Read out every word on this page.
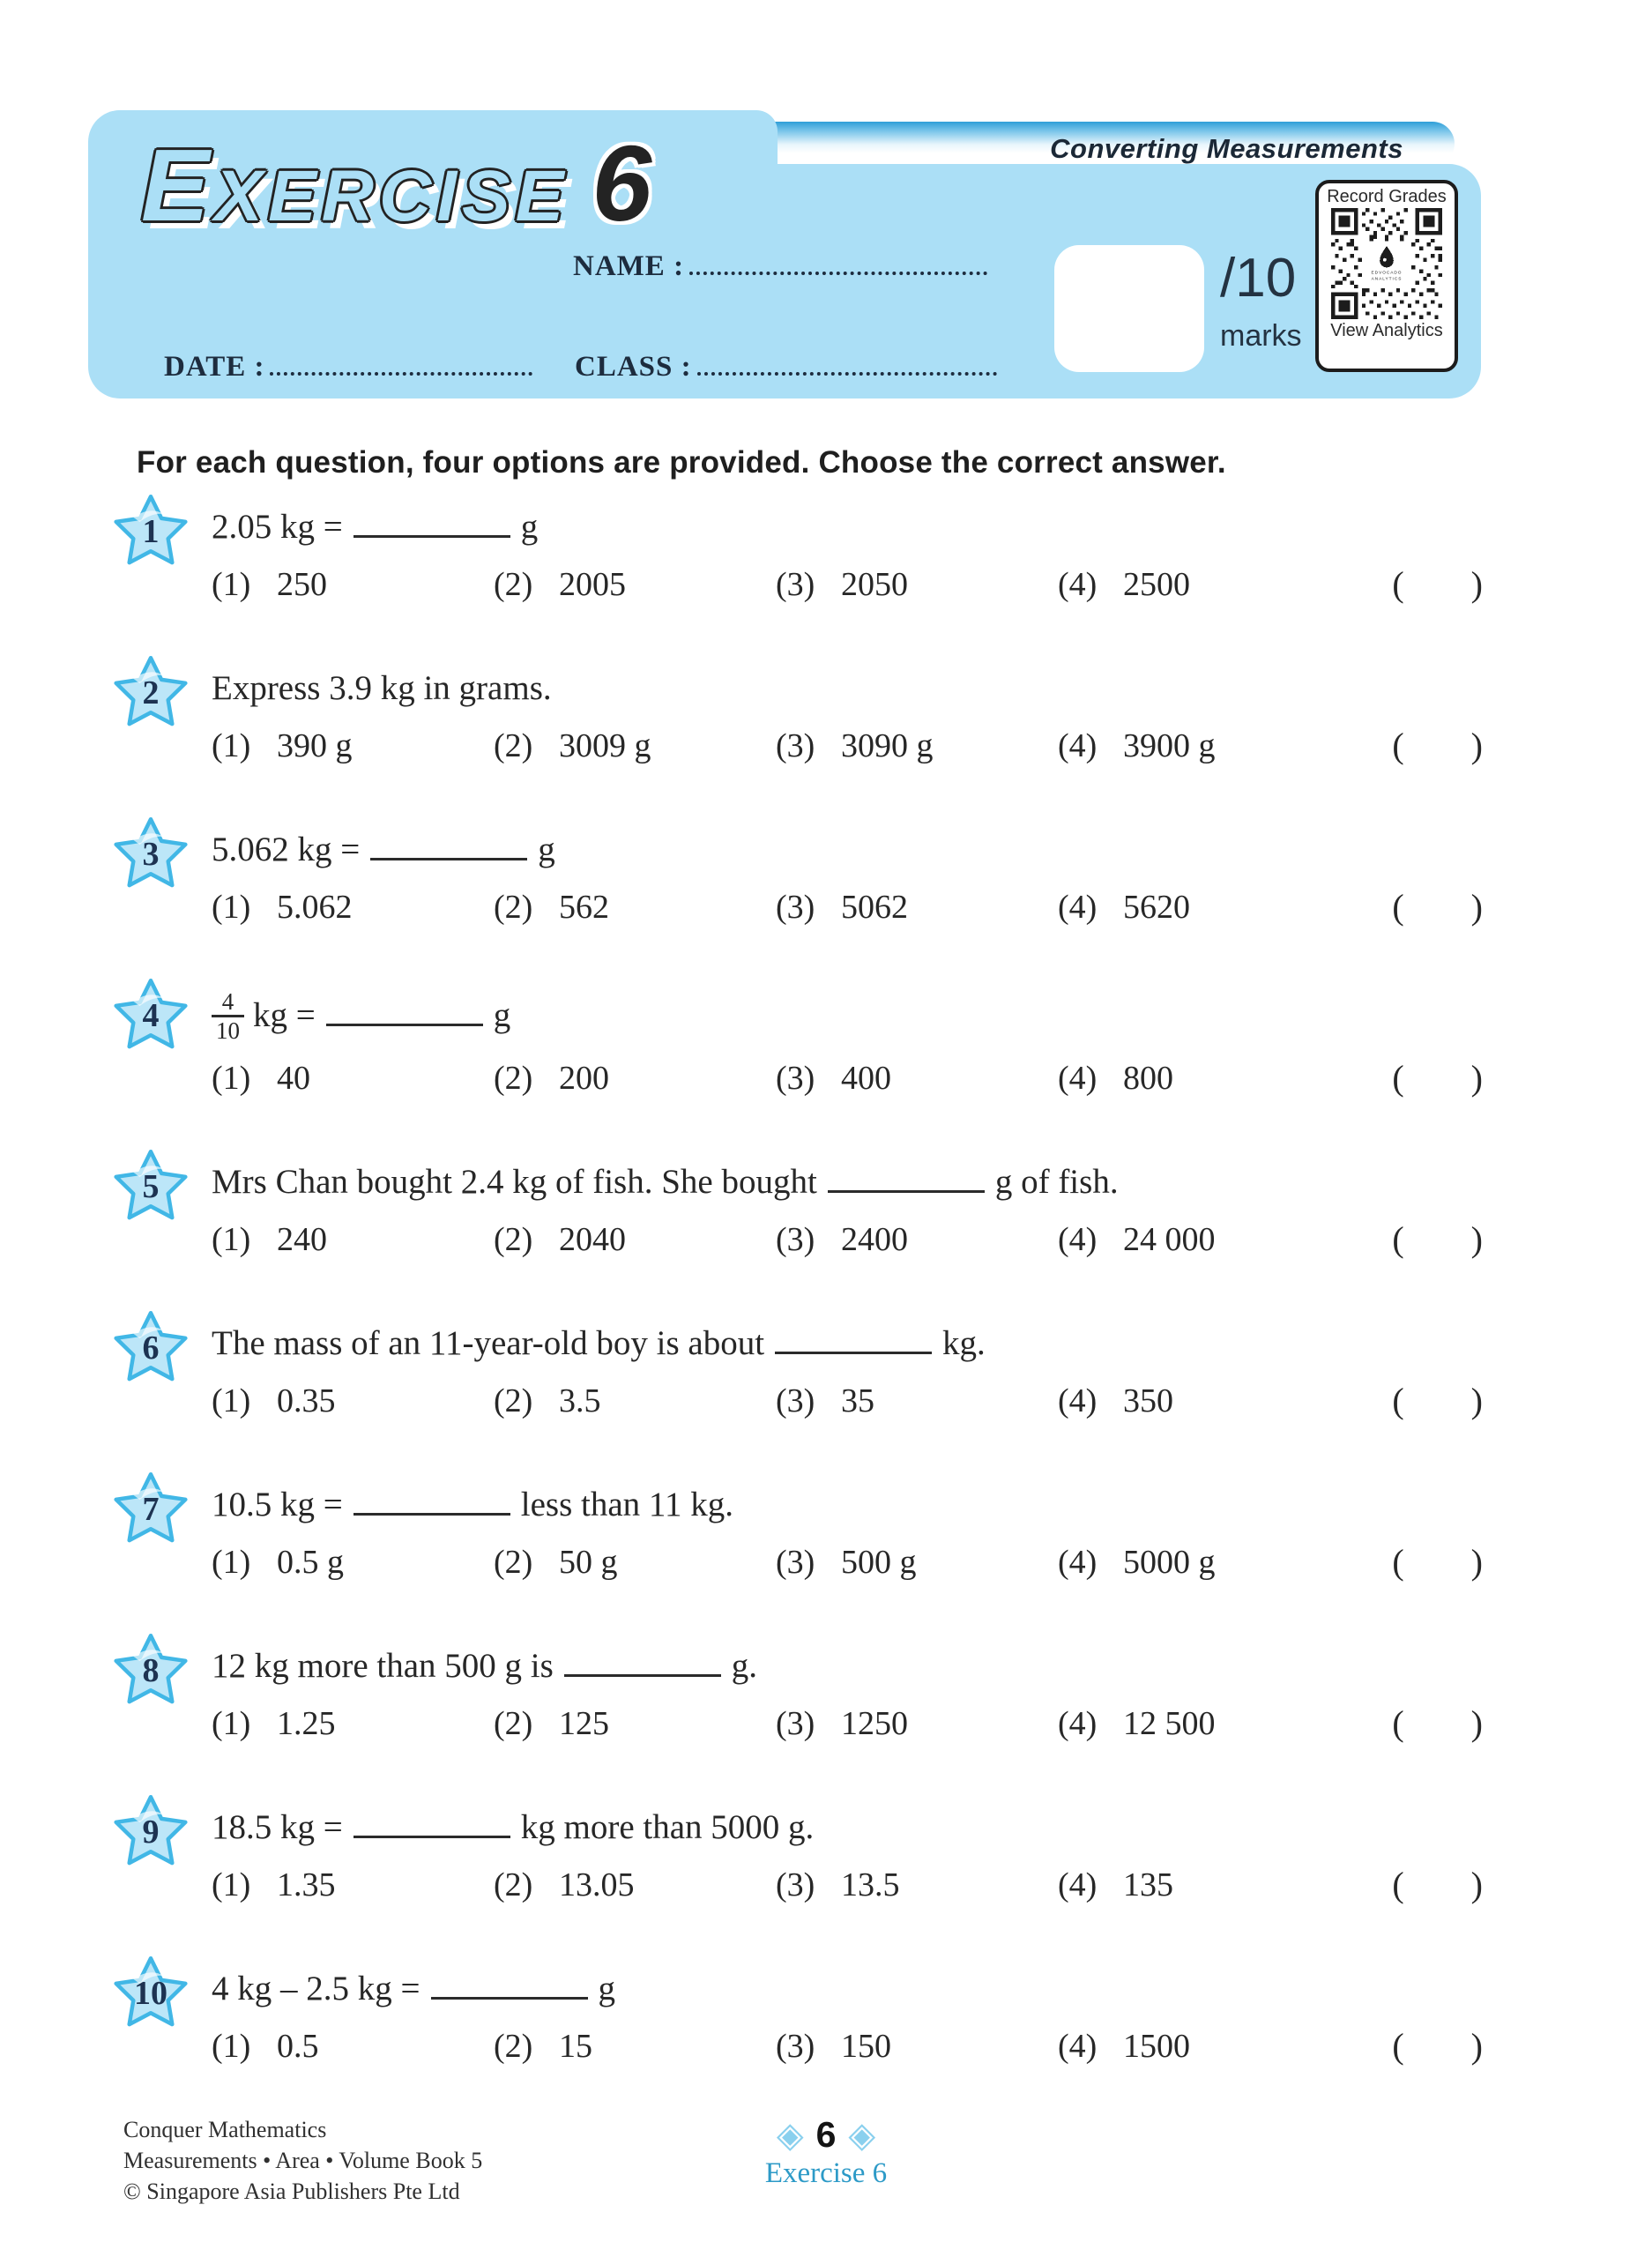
Converting Measurements
E XERCISE 6
NAME :
DATE :	CLASS :
/10
marks
Record Grades
EDVOCADO
ANALYTICS
View Analytics
For each question, four options are provided. Choose the correct answer.
1	2.05 kg =	g
(1) 250	(2) 2005	(3) 2050	(4) 2500	( )
2	Express 3.9 kg in grams.
(1) 390 g	(2) 3009 g	(3) 3090 g	(4) 3900 g	( )
3	5.062 kg =	g
(1) 5.062	(2) 562	(3) 5062	(4) 5620	( )
4	$\frac{4}{10}$ kg =	g
(1) 40	(2) 200	(3) 400	(4) 800	( )
5	Mrs Chan bought 2.4 kg of fish. She bought	g of fish.
(1) 240	(2) 2040	(3) 2400	(4) 24 000	( )
6	The mass of an 11-year-old boy is about	kg.
(1) 0.35	(2) 3.5	(3) 35	(4) 350	( )
7	10.5 kg =	less than 11 kg.
(1) 0.5 g	(2) 50 g	(3) 500 g	(4) 5000 g	( )
8	12 kg more than 500 g is	g.
(1) 1.25	(2) 125	(3) 1250	(4) 12 500	( )
9	18.5 kg =	kg more than 5000 g.
(1) 1.35	(2) 13.05	(3) 13.5	(4) 135	( )
10	4 kg – 2.5 kg =	g
(1) 0.5	(2) 15	(3) 150	(4) 1500	( )
Conquer Mathematics
Measurements • Area • Volume Book 5
© Singapore Asia Publishers Pte Ltd
◈ 6 ◈
Exercise 6
